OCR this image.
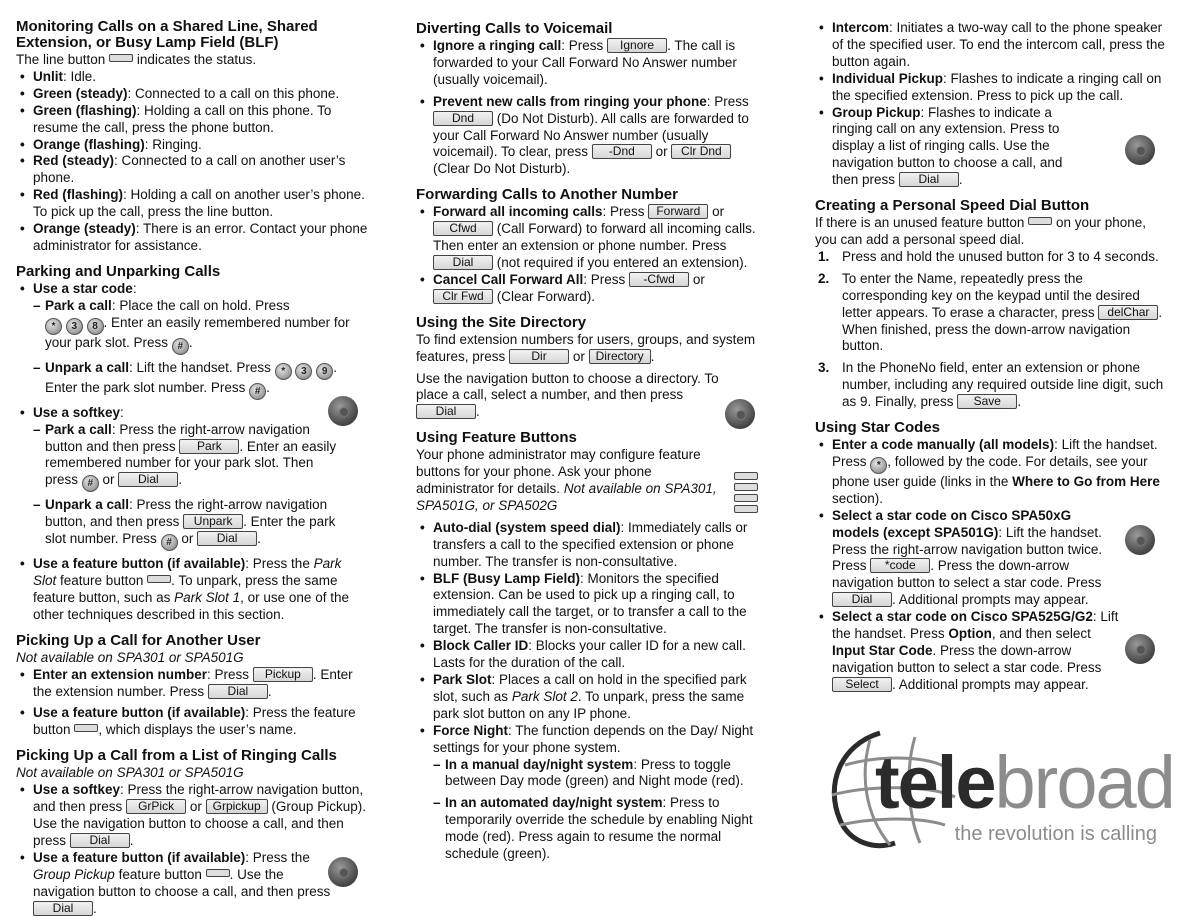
Monitoring Calls on a Shared Line, Shared Extension, or Busy Lamp Field (BLF)

The line button indicates the status.

• Unlit: Idle.
• Green (steady): Connected to a call on this phone.
• Green (flashing): Holding a call on this phone. To resume the call, press the phone button.
• Orange (flashing): Ringing.
• Red (steady): Connected to a call on another user’s phone.
• Red (flashing): Holding a call on another user’s phone. To pick up the call, press the line button.
• Orange (steady): There is an error. Contact your phone administrator for assistance.
Parking and Unparking Calls
• Use a star code:
– Park a call: Place the call on hold. Press
* 3 8 . Enter an easily remembered number for your park slot. Press # .
– Unpark a call: Lift the handset. Press * 3 9 . Enter the park slot number. Press # .
• Use a softkey:
– Park a call: Press the right-arrow navigation button and then press Park . Enter an easily remembered number for your park slot. Then press # or Dial .
– Unpark a call: Press the right-arrow navigation button, and then press Unpark . Enter the park slot number. Press # or Dial .
• Use a feature button (if available): Press the Park Slot feature button . To unpark, press the same feature button, such as Park Slot 1, or use one of the other techniques described in this section.
Picking Up a Call for Another User

Not available on SPA301 or SPA501G

• Enter an extension number: Press Pickup . Enter the extension number. Press Dial .
• Use a feature button (if available): Press the feature button , which displays the user’s name.
Picking Up a Call from a List of Ringing Calls

Not available on SPA301 or SPA501G

• Use a softkey: Press the right-arrow navigation button, and then press GrPick or Grpickup (Group Pickup). Use the navigation button to choose a call, and then press Dial .
• Use a feature button (if available): Press the Group Pickup feature button . Use the navigation button to choose a call, and then press Dial .
Diverting Calls to Voicemail
• Ignore a ringing call: Press Ignore . The call is forwarded to your Call Forward No Answer number (usually voicemail).
• Prevent new calls from ringing your phone: Press Dnd (Do Not Disturb). All calls are forwarded to your Call Forward No Answer number (usually voicemail). To clear, press -Dnd or Clr Dnd (Clear Do Not Disturb).
Forwarding Calls to Another Number
• Forward all incoming calls: Press Forward or Cfwd (Call Forward) to forward all incoming calls. Then enter an extension or phone number. Press Dial (not required if you entered an extension).
• Cancel Call Forward All: Press -Cfwd or Clr Fwd (Clear Forward).
Using the Site Directory

To find extension numbers for users, groups, and system features, press Dir or Directory .

Use the navigation button to choose a directory. To place a call, select a number, and then press Dial .

Using Feature Buttons

Your phone administrator may configure feature buttons for your phone. Ask your phone administrator for details. Not available on SPA301, SPA501G, or SPA502G

• Auto-dial (system speed dial): Immediately calls or transfers a call to the specified extension or phone number. The transfer is non-consultative.
• BLF (Busy Lamp Field): Monitors the specified extension. Can be used to pick up a ringing call, to immediately call the target, or to transfer a call to the target. The transfer is non-consultative.
• Block Caller ID: Blocks your caller ID for a new call. Lasts for the duration of the call.
• Park Slot: Places a call on hold in the specified park slot, such as Park Slot 2. To unpark, press the same park slot button on any IP phone.
• Force Night: The function depends on the Day/ Night settings for your phone system.
– In a manual day/night system: Press to toggle between Day mode (green) and Night mode (red).
– In an automated day/night system: Press to temporarily override the schedule by enabling Night mode (red). Press again to resume the normal schedule (green).
• Intercom: Initiates a two-way call to the phone speaker of the specified user. To end the intercom call, press the button again.
• Individual Pickup: Flashes to indicate a ringing call on the specified extension. Press to pick up the call.
• Group Pickup: Flashes to indicate a ringing call on any extension. Press to display a list of ringing calls. Use the navigation button to choose a call, and then press Dial .
Creating a Personal Speed Dial Button

If there is an unused feature button on your phone, you can add a personal speed dial.

1. Press and hold the unused button for 3 to 4 seconds.
2. To enter the Name, repeatedly press the corresponding key on the keypad until the desired letter appears. To erase a character, press delChar . When finished, press the down-arrow navigation button.
3. In the PhoneNo field, enter an extension or phone number, including any required outside line digit, such as 9. Finally, press Save .
Using Star Codes
• Enter a code manually (all models): Lift the handset. Press * , followed by the code. For details, see your phone user guide (links in the Where to Go from Here section).
• Select a star code on Cisco SPA50xG models (except SPA501G): Lift the handset. Press the right-arrow navigation button twice. Press *code . Press the down-arrow navigation button to select a star code. Press Dial . Additional prompts may appear.
• Select a star code on Cisco SPA525G/G2: Lift the handset. Press Option, and then select Input Star Code. Press the down-arrow navigation button to select a star code. Press Select . Additional prompts may appear.
telebroad
the revolution is calling
